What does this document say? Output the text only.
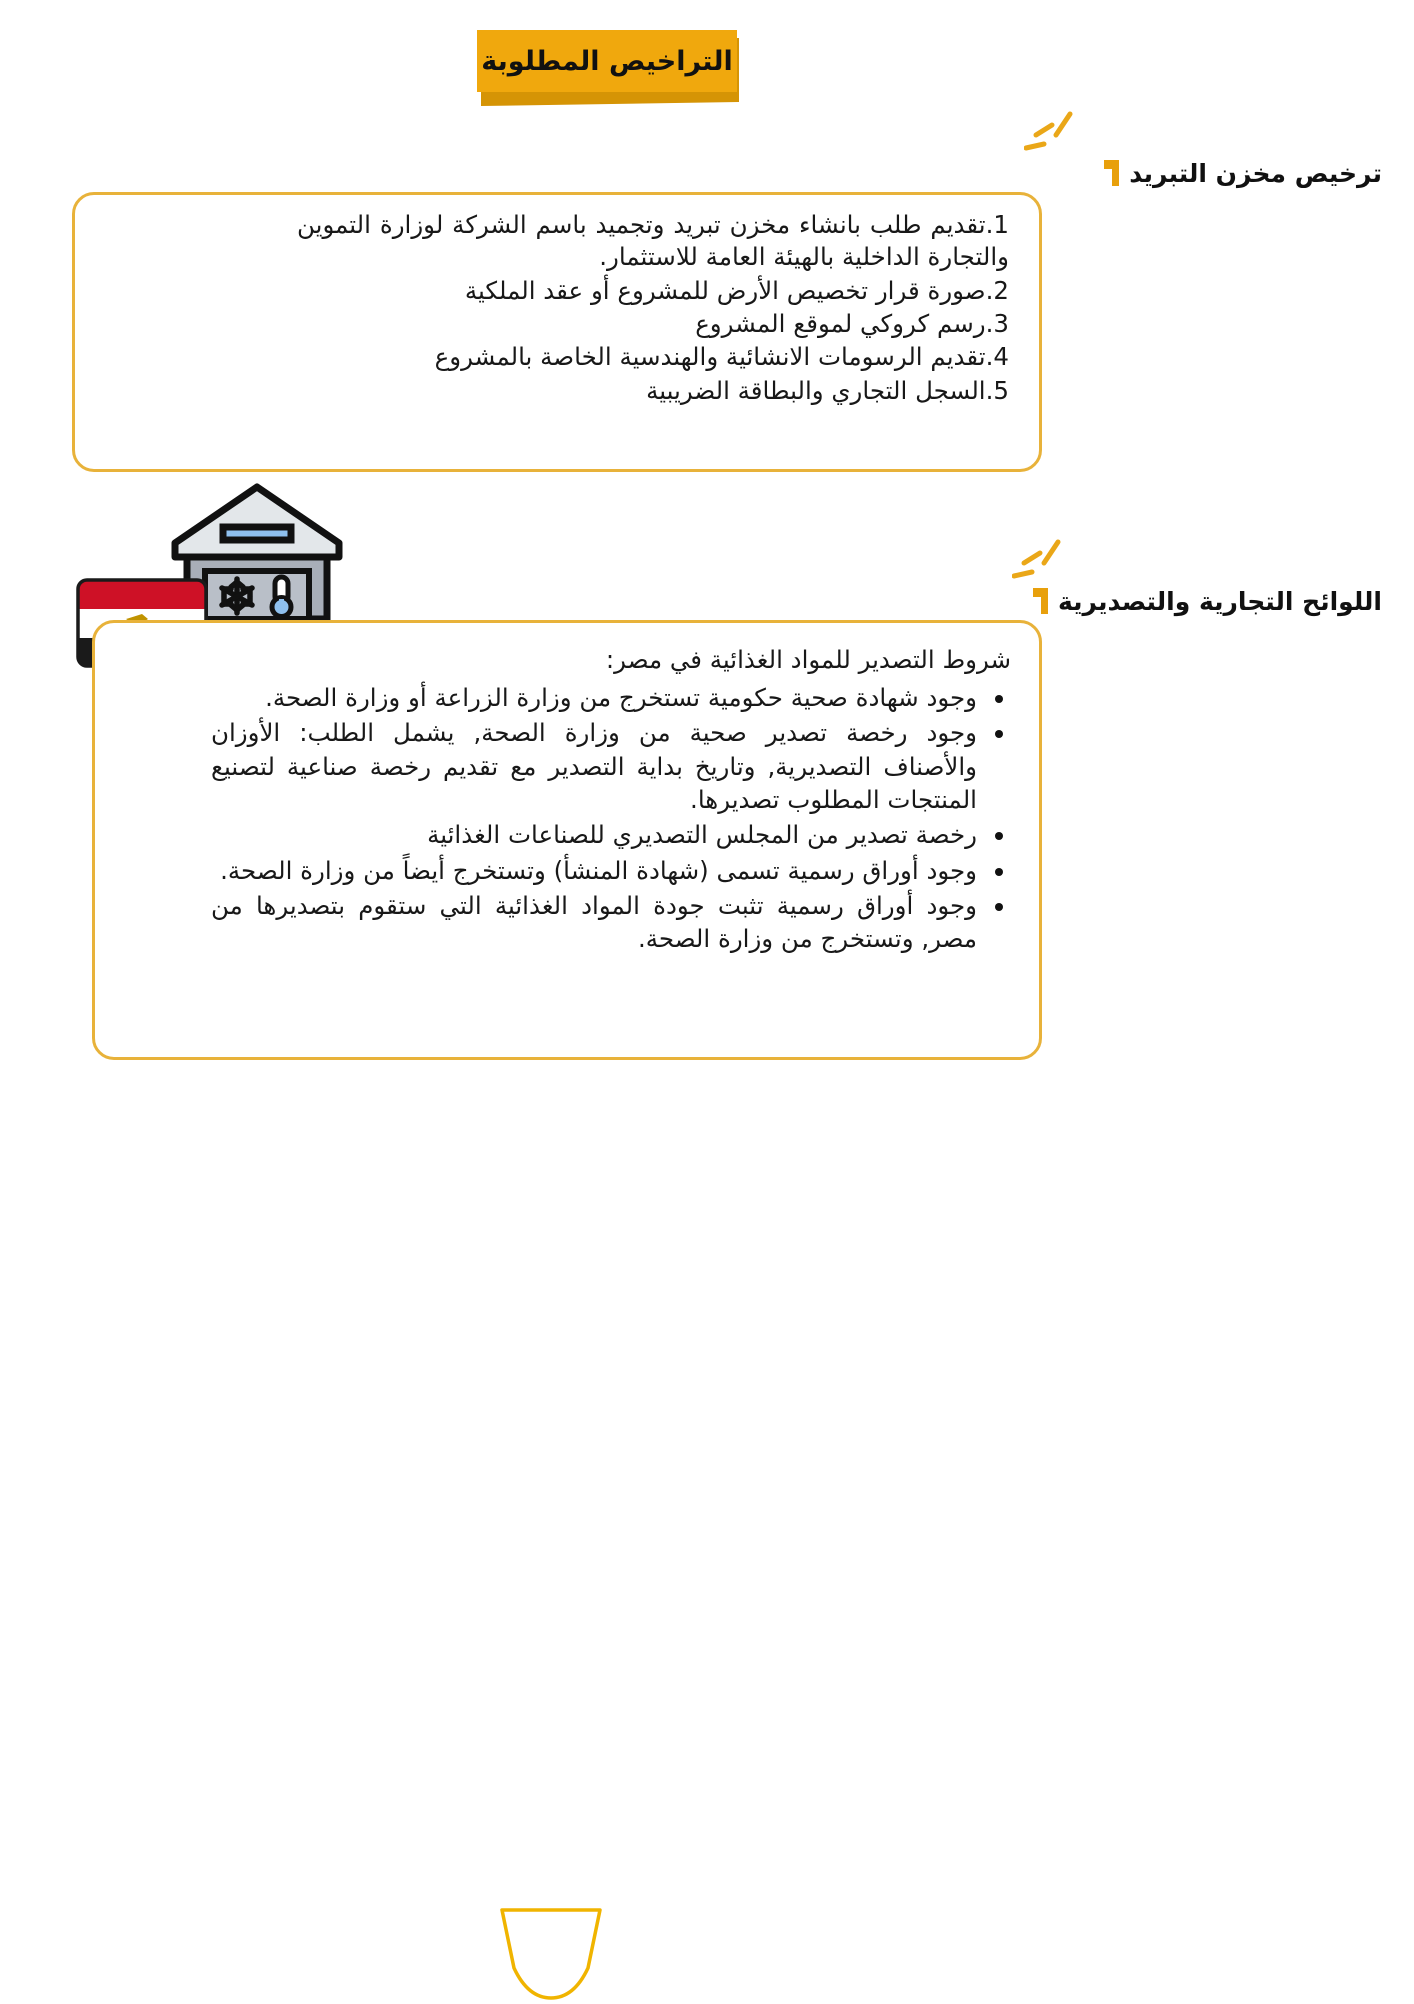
التراخيص المطلوبة
ترخيص مخزن التبريد
1.تقديم طلب بانشاء مخزن تبريد وتجميد باسم الشركة لوزارة التموين والتجارة الداخلية بالهيئة العامة للاستثمار.
2.صورة قرار تخصيص الأرض للمشروع أو عقد الملكية
3.رسم كروكي لموقع المشروع
4.تقديم الرسومات الانشائية والهندسية الخاصة بالمشروع
5.السجل التجاري والبطاقة الضريبية
اللوائح التجارية والتصديرية
شروط التصدير للمواد الغذائية في مصر:
وجود شهادة صحية حكومية تستخرج من وزارة الزراعة أو وزارة الصحة.
وجود رخصة تصدير صحية من وزارة الصحة, يشمل الطلب: الأوزان والأصناف التصديرية, وتاريخ بداية التصدير مع تقديم رخصة صناعية لتصنيع المنتجات المطلوب تصديرها.
رخصة تصدير من المجلس التصديري للصناعات الغذائية
وجود أوراق رسمية تسمى (شهادة المنشأ) وتستخرج أيضاً من وزارة الصحة.
وجود أوراق رسمية تثبت جودة المواد الغذائية التي ستقوم بتصديرها من مصر, وتستخرج من وزارة الصحة.
